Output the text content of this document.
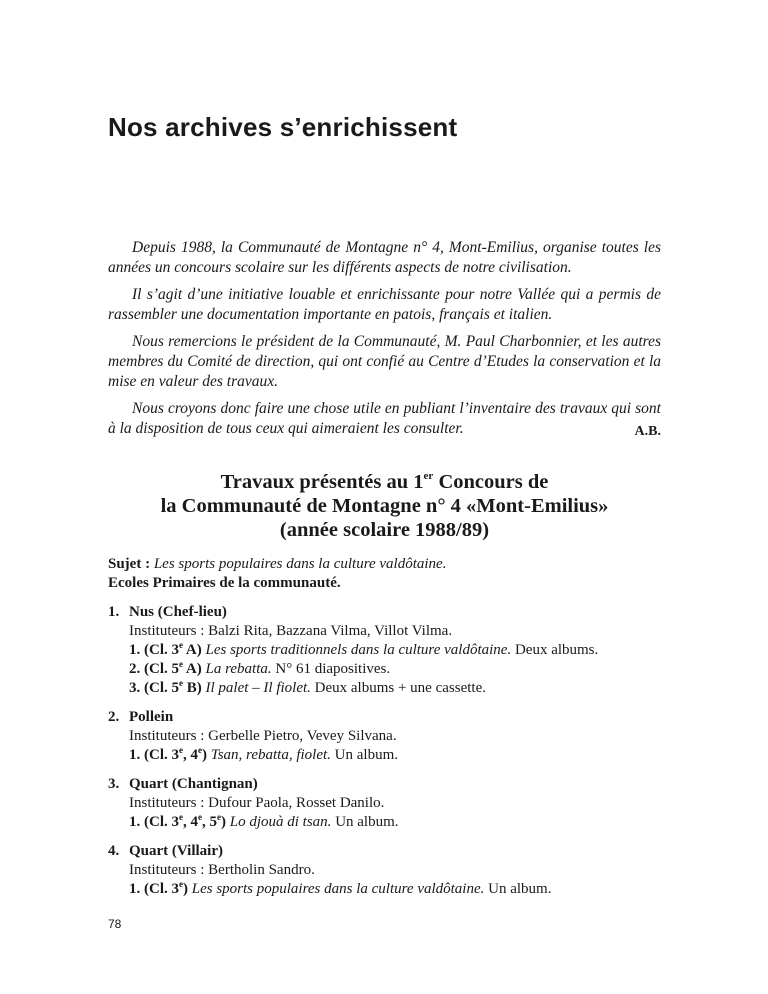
Nos archives s’enrichissent

Depuis 1988, la Communauté de Montagne n° 4, Mont-Emilius, organise toutes les années un concours scolaire sur les différents aspects de notre civilisation.

Il s’agit d’une initiative louable et enrichissante pour notre Vallée qui a permis de rassembler une documentation importante en patois, français et italien.

Nous remercions le président de la Communauté, M. Paul Charbonnier, et les autres membres du Comité de direction, qui ont confié au Centre d’Etudes la conservation et la mise en valeur des travaux.

Nous croyons donc faire une chose utile en publiant l’inventaire des travaux qui sont à la disposition de tous ceux qui aimeraient les consulter.	A.B.
Travaux présentés au 1er Concours de
la Communauté de Montagne n° 4 «Mont-Emilius»
(année scolaire 1988/89)
Sujet : Les sports populaires dans la culture valdôtaine.
Ecoles Primaires de la communauté.
1. Nus (Chef-lieu)
Instituteurs : Balzi Rita, Bazzana Vilma, Villot Vilma.
1. (Cl. 3e A) Les sports traditionnels dans la culture valdôtaine. Deux albums.
2. (Cl. 5e A) La rebatta. N° 61 diapositives.
3. (Cl. 5e B) Il palet – Il fiolet. Deux albums + une cassette.
2. Pollein
Instituteurs : Gerbelle Pietro, Vevey Silvana.
1. (Cl. 3e, 4e) Tsan, rebatta, fiolet. Un album.
3. Quart (Chantignan)
Instituteurs : Dufour Paola, Rosset Danilo.
1. (Cl. 3e, 4e, 5e) Lo djouà di tsan. Un album.
4. Quart (Villair)
Instituteurs : Bertholin Sandro.
1. (Cl. 3e) Les sports populaires dans la culture valdôtaine. Un album.
78
